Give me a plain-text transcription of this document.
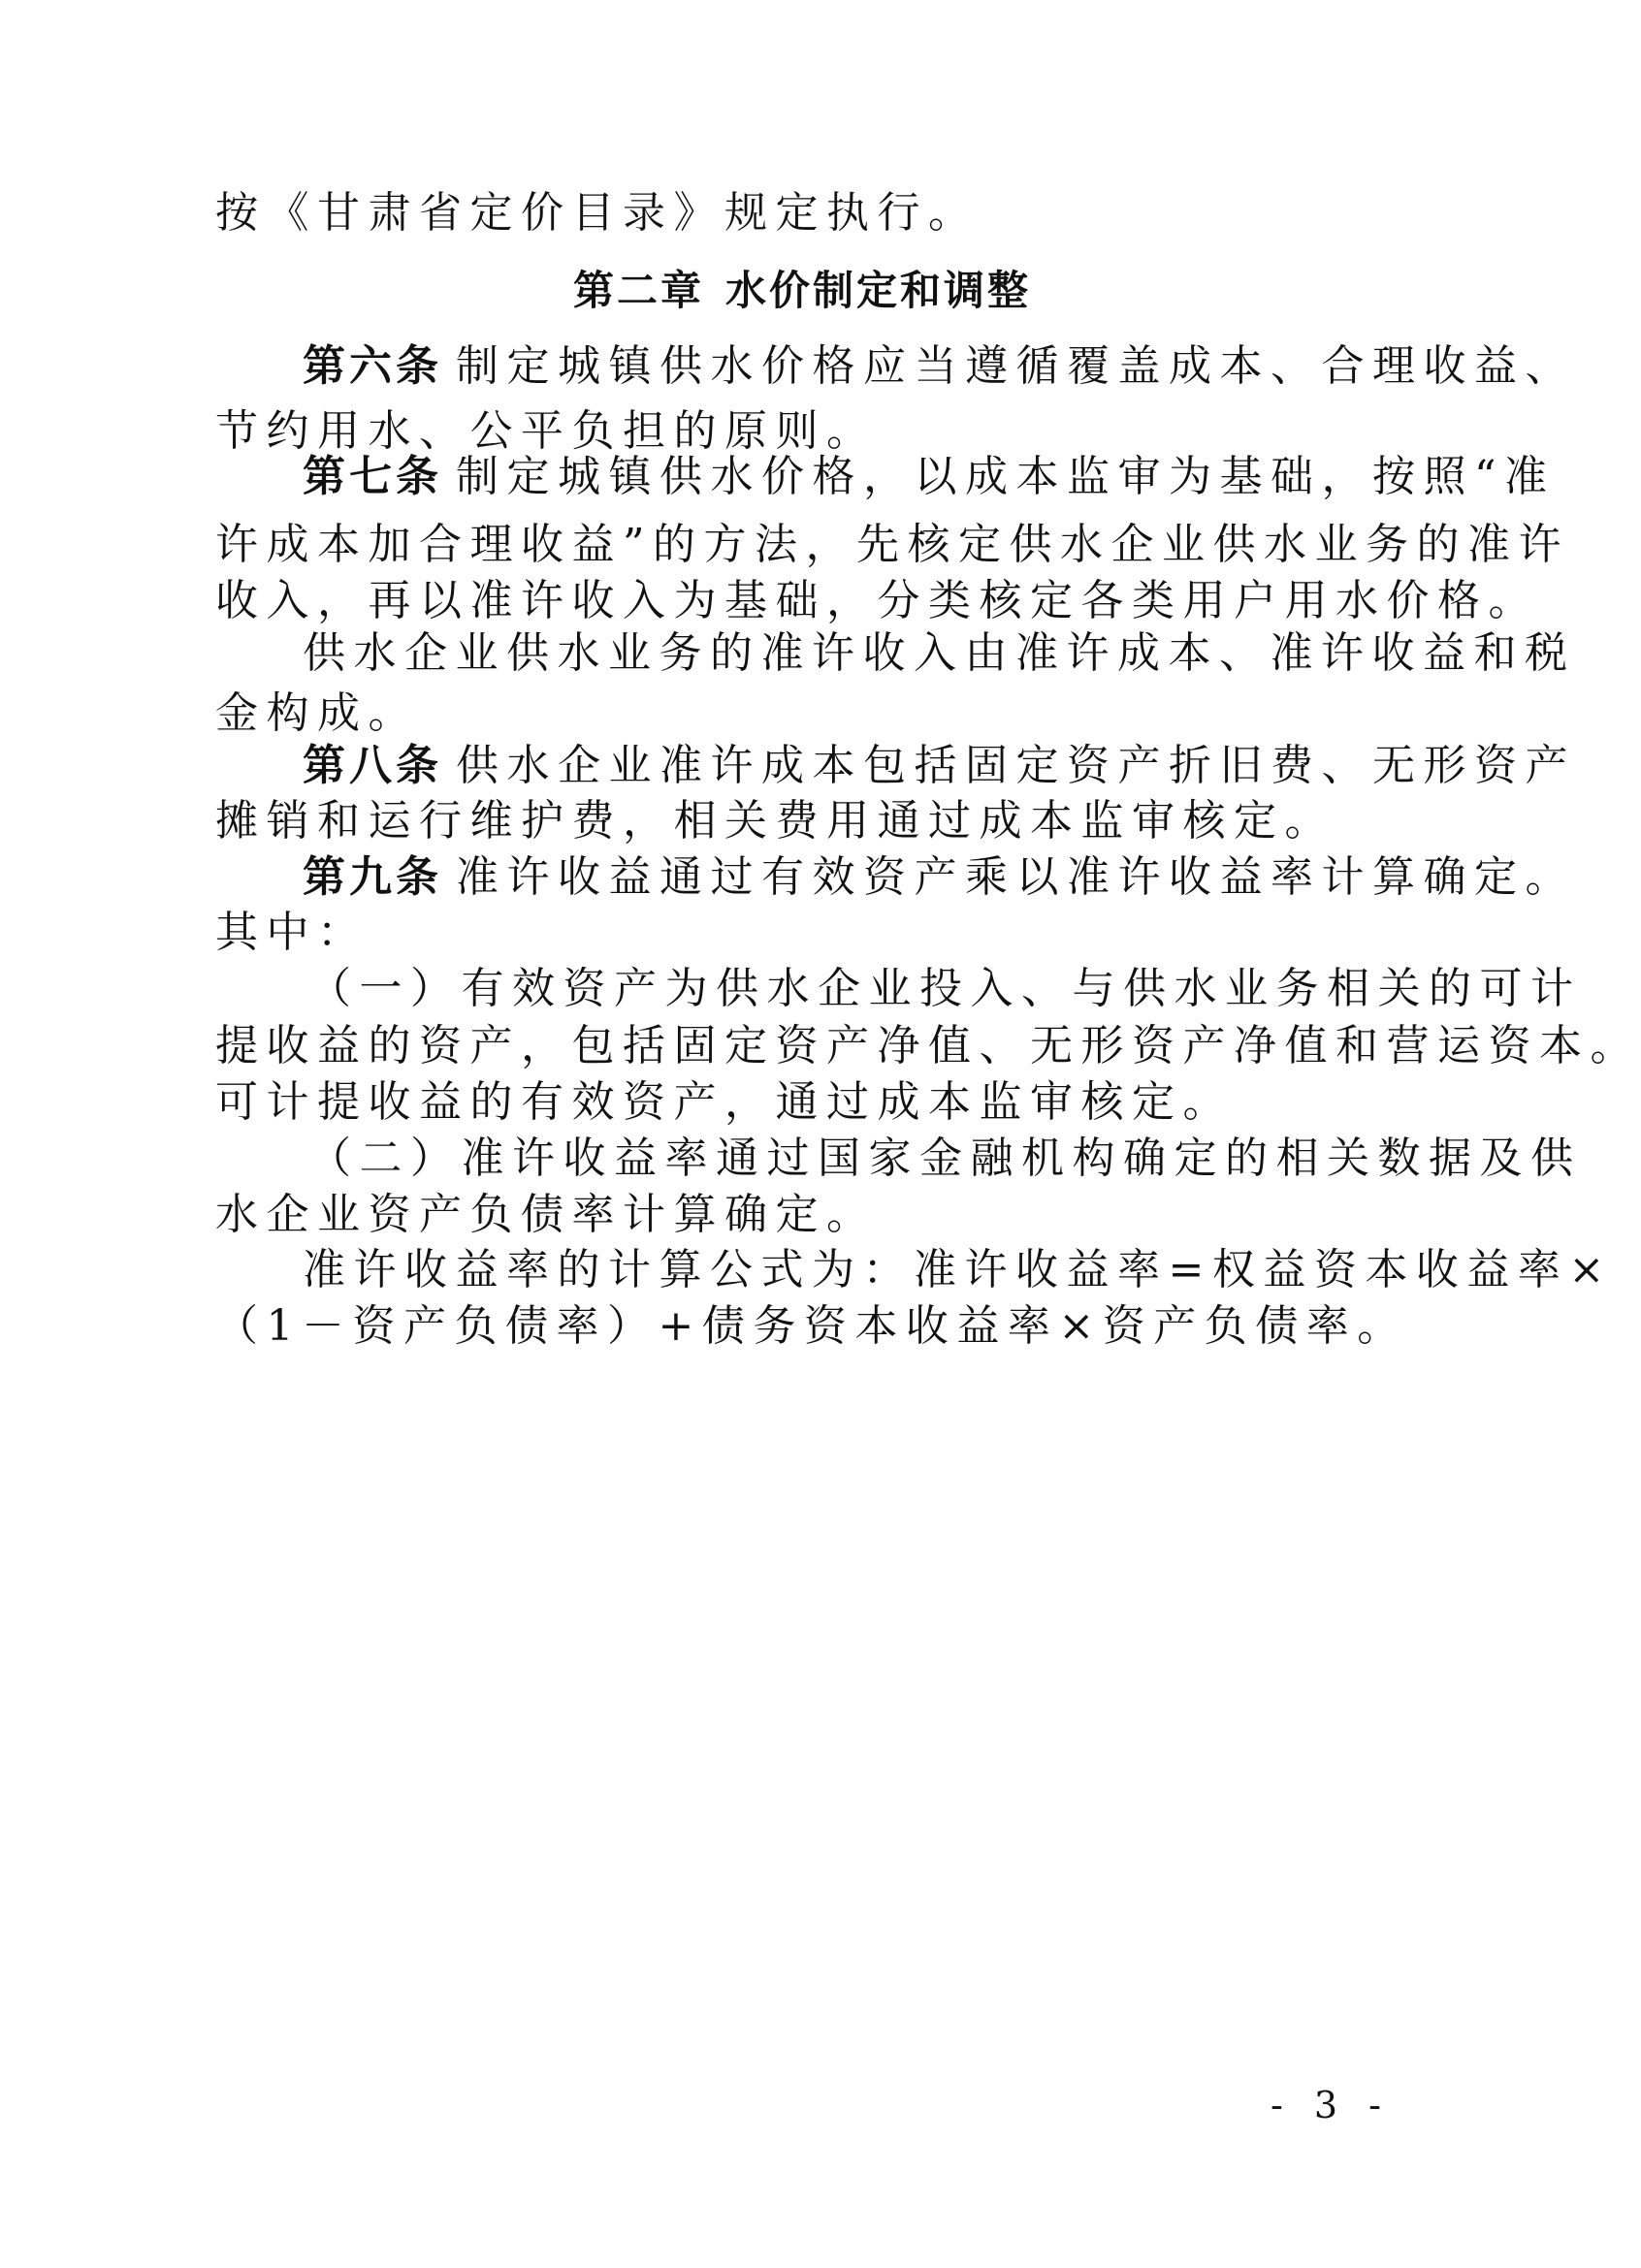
按《甘肃省定价目录》规定执行。
第二章 水价制定和调整
第六条 制定城镇供水价格应当遵循覆盖成本、合理收益、
节约用水、公平负担的原则。
第七条 制定城镇供水价格，以成本监审为基础，按照“准
许成本加合理收益”的方法，先核定供水企业供水业务的准许
收入，再以准许收入为基础，分类核定各类用户用水价格。
供水企业供水业务的准许收入由准许成本、准许收益和税
金构成。
第八条 供水企业准许成本包括固定资产折旧费、无形资产
摊销和运行维护费，相关费用通过成本监审核定。
第九条 准许收益通过有效资产乘以准许收益率计算确定。
其中：
（一）有效资产为供水企业投入、与供水业务相关的可计
提收益的资产，包括固定资产净值、无形资产净值和营运资本。
可计提收益的有效资产，通过成本监审核定。
（二）准许收益率通过国家金融机构确定的相关数据及供
水企业资产负债率计算确定。
准许收益率的计算公式为：准许收益率=权益资本收益率×
（1－资产负债率）+债务资本收益率×资产负债率。
- 3 -
